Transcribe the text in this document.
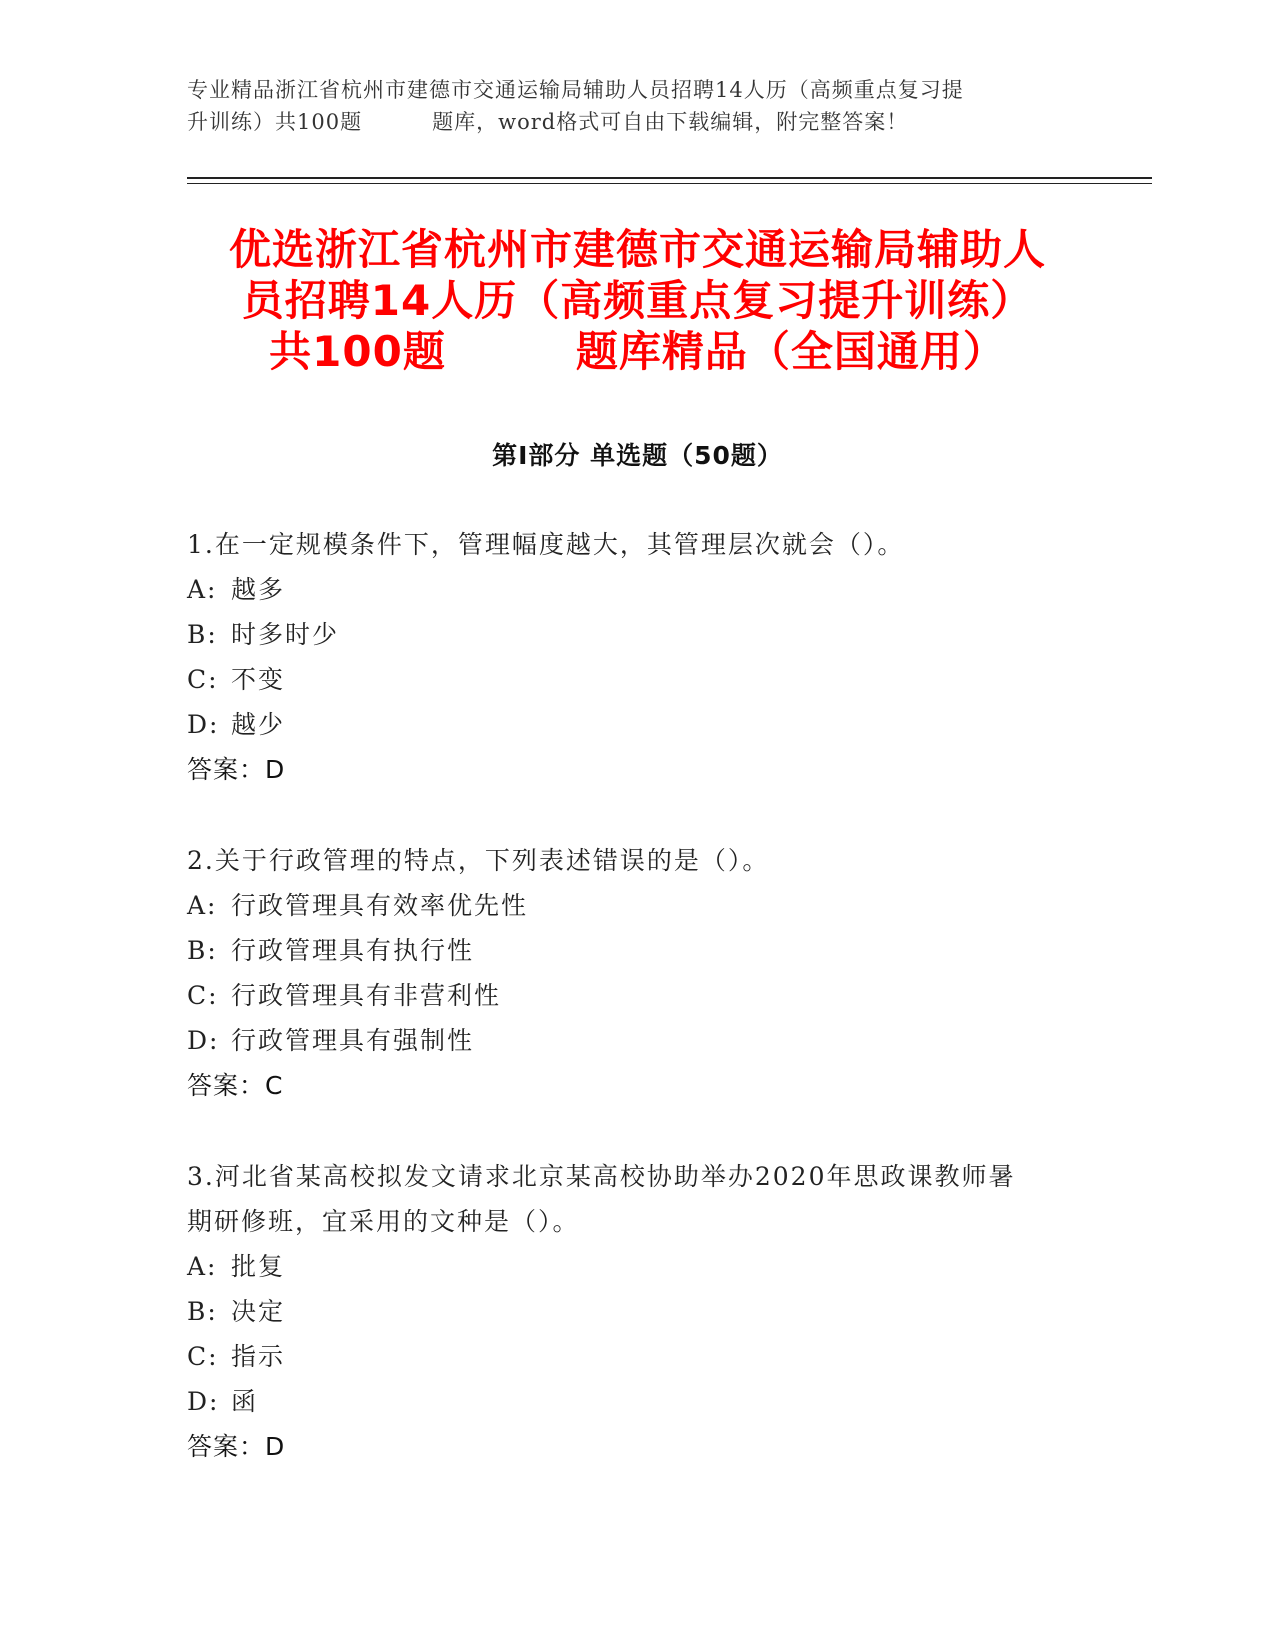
专业精品浙江省杭州市建德市交通运输局辅助人员招聘14人历（高频重点复习提
升训练）共100题	题库，word格式可自由下载编辑，附完整答案！
优选浙江省杭州市建德市交通运输局辅助人
员招聘14人历（高频重点复习提升训练）
共100题	题库精品（全国通用）
第Ⅰ部分 单选题（50题）
1.在一定规模条件下，管理幅度越大，其管理层次就会（）。
A: 越多
B: 时多时少
C: 不变
D: 越少
答案：D
2.关于行政管理的特点，下列表述错误的是（）。
A: 行政管理具有效率优先性
B: 行政管理具有执行性
C: 行政管理具有非营利性
D: 行政管理具有强制性
答案：C
3.河北省某高校拟发文请求北京某高校协助举办2020年思政课教师暑
期研修班，宜采用的文种是（）。
A: 批复
B: 决定
C: 指示
D: 函
答案：D
